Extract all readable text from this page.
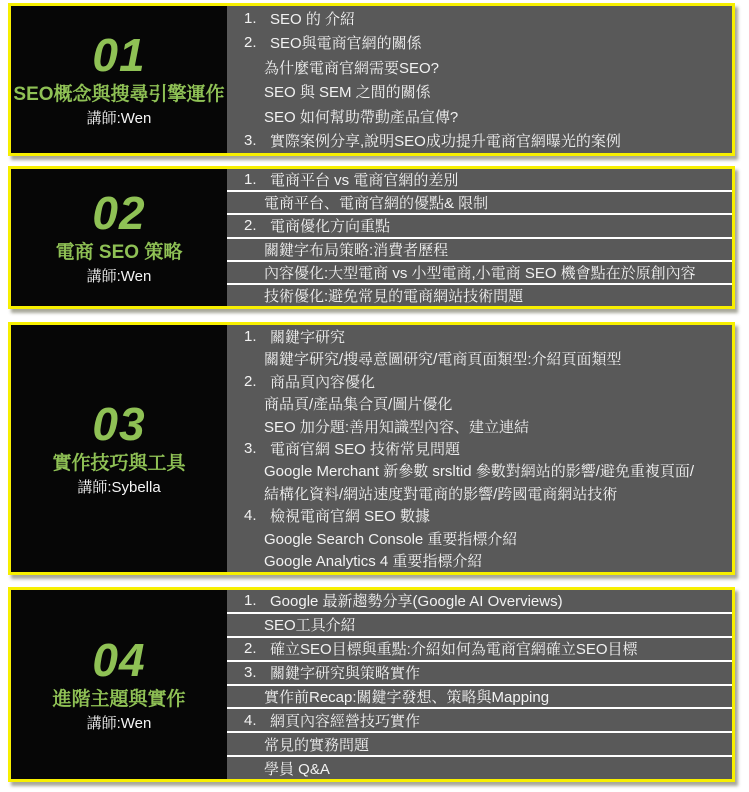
01
SEO概念與搜尋引擎運作
講師:Wen
1. SEO 的 介紹
2. SEO與電商官網的關係
為什麼電商官網需要SEO?
SEO 與 SEM 之間的關係
SEO 如何幫助帶動產品宣傳?
3. 實際案例分享,說明SEO成功提升電商官網曝光的案例
02
電商 SEO 策略
講師:Wen
1. 電商平台 vs 電商官網的差別
電商平台、電商官網的優點& 限制
2. 電商優化方向重點
關鍵字布局策略:消費者歷程
內容優化:大型電商 vs 小型電商,小電商 SEO 機會點在於原創內容
技術優化:避免常見的電商網站技術問題
03
實作技巧與工具
講師:Sybella
1. 關鍵字研究
關鍵字研究/搜尋意圖研究/電商頁面類型:介紹頁面類型
2. 商品頁內容優化
商品頁/產品集合頁/圖片優化
SEO 加分題:善用知識型內容、建立連結
3. 電商官網 SEO 技術常見問題
Google Merchant 新參數 srsltid 參數對網站的影響/避免重複頁面/
結構化資料/網站速度對電商的影響/跨國電商網站技術
4. 檢視電商官網 SEO 數據
Google Search Console 重要指標介紹
Google Analytics 4 重要指標介紹
04
進階主題與實作
講師:Wen
1. Google 最新趨勢分享(Google AI Overviews)
SEO工具介紹
2. 確立SEO目標與重點:介紹如何為電商官網確立SEO目標
3. 關鍵字研究與策略實作
實作前Recap:關鍵字發想、策略與Mapping
4. 網頁內容經營技巧實作
常見的實務問題
學員 Q&A
